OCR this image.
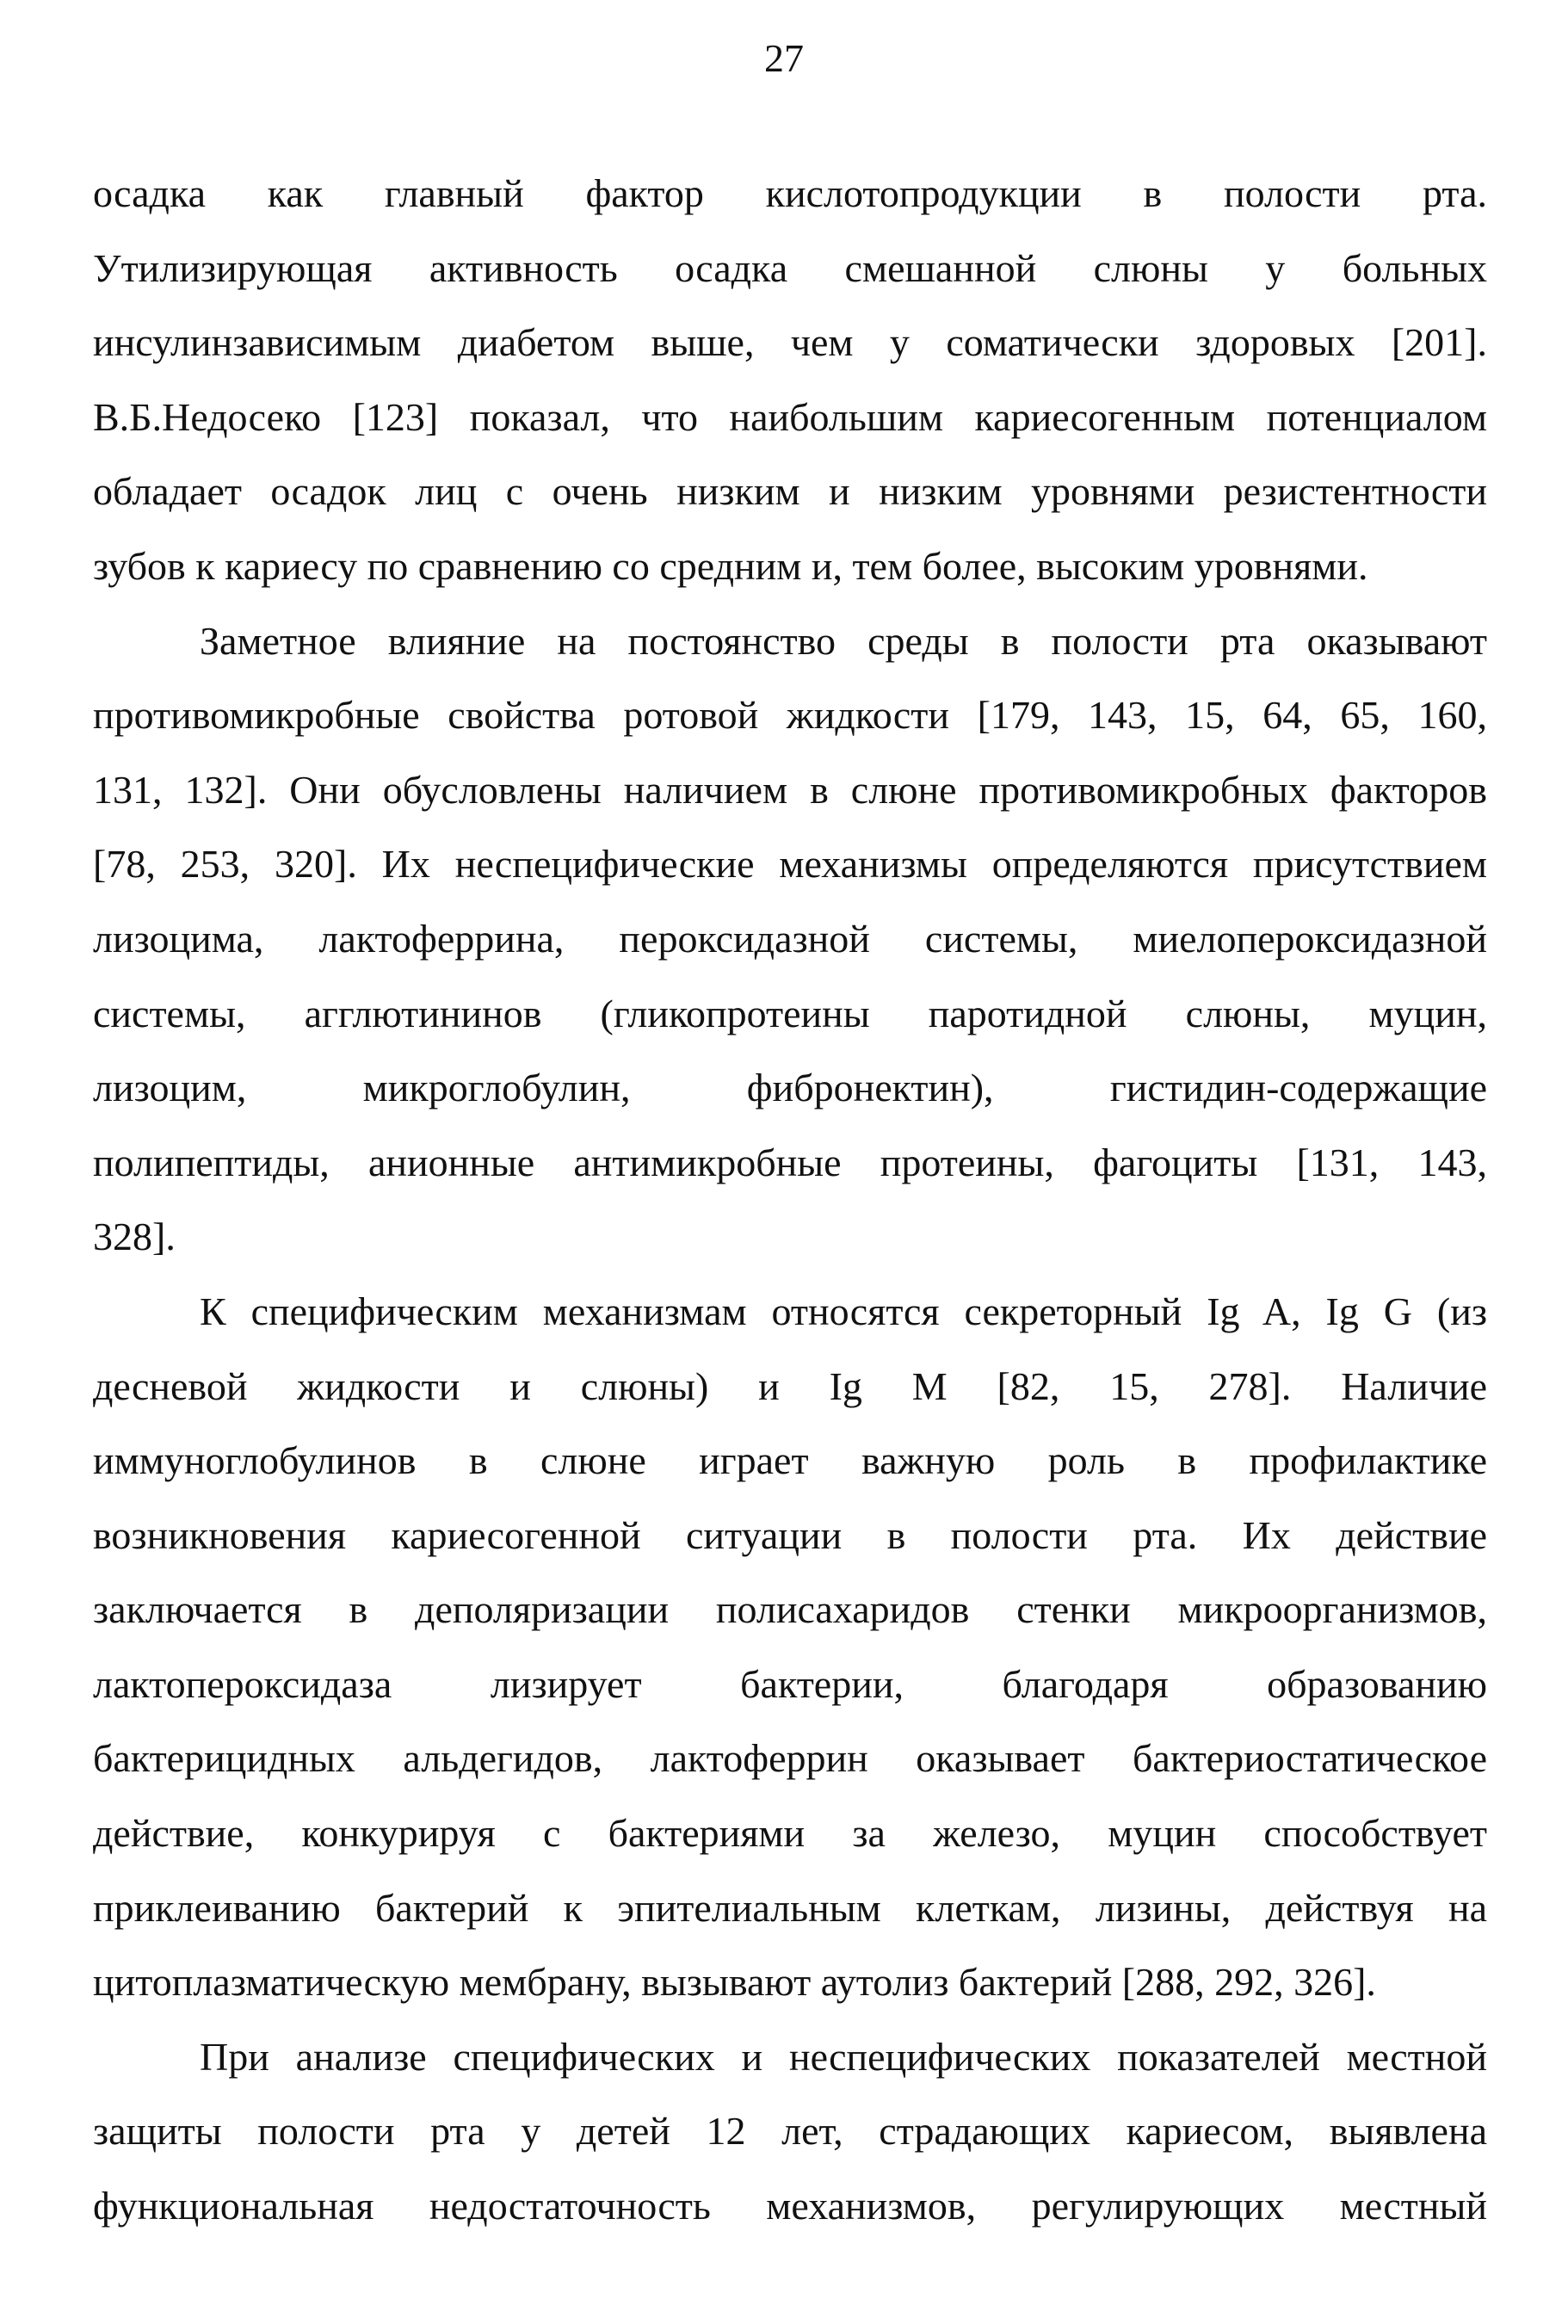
27
осадка как главный фактор кислотопродукции в полости рта.
Утилизирующая активность осадка смешанной слюны у больных
инсулинзависимым диабетом выше, чем у соматически здоровых [201].
В.Б.Недосеко [123] показал, что наибольшим кариесогенным потенциалом
обладает осадок лиц с очень низким и низким уровнями резистентности
зубов к кариесу по сравнению со средним и, тем более, высоким уровнями.
Заметное влияние на постоянство среды в полости рта оказывают
противомикробные свойства ротовой жидкости [179, 143, 15, 64, 65, 160,
131, 132]. Они обусловлены наличием в слюне противомикробных факторов
[78, 253, 320]. Их неспецифические механизмы определяются присутствием
лизоцима, лактоферрина, пероксидазной системы, миелопероксидазной
системы, агглютининов (гликопротеины паротидной слюны, муцин,
лизоцим, микроглобулин, фибронектин), гистидин-содержащие
полипептиды, анионные антимикробные протеины, фагоциты [131, 143,
328].
К специфическим механизмам относятся секреторный Ig A, Ig G (из
десневой жидкости и слюны) и Ig M [82, 15, 278]. Наличие
иммуноглобулинов в слюне играет важную роль в профилактике
возникновения кариесогенной ситуации в полости рта. Их действие
заключается в деполяризации полисахаридов стенки микроорганизмов,
лактопероксидаза лизирует бактерии, благодаря образованию
бактерицидных альдегидов, лактоферрин оказывает бактериостатическое
действие, конкурируя с бактериями за железо, муцин способствует
приклеиванию бактерий к эпителиальным клеткам, лизины, действуя на
цитоплазматическую мембрану, вызывают аутолиз бактерий [288, 292, 326].
При анализе специфических и неспецифических показателей местной
защиты полости рта у детей 12 лет, страдающих кариесом, выявлена
функциональная недостаточность механизмов, регулирующих местный
